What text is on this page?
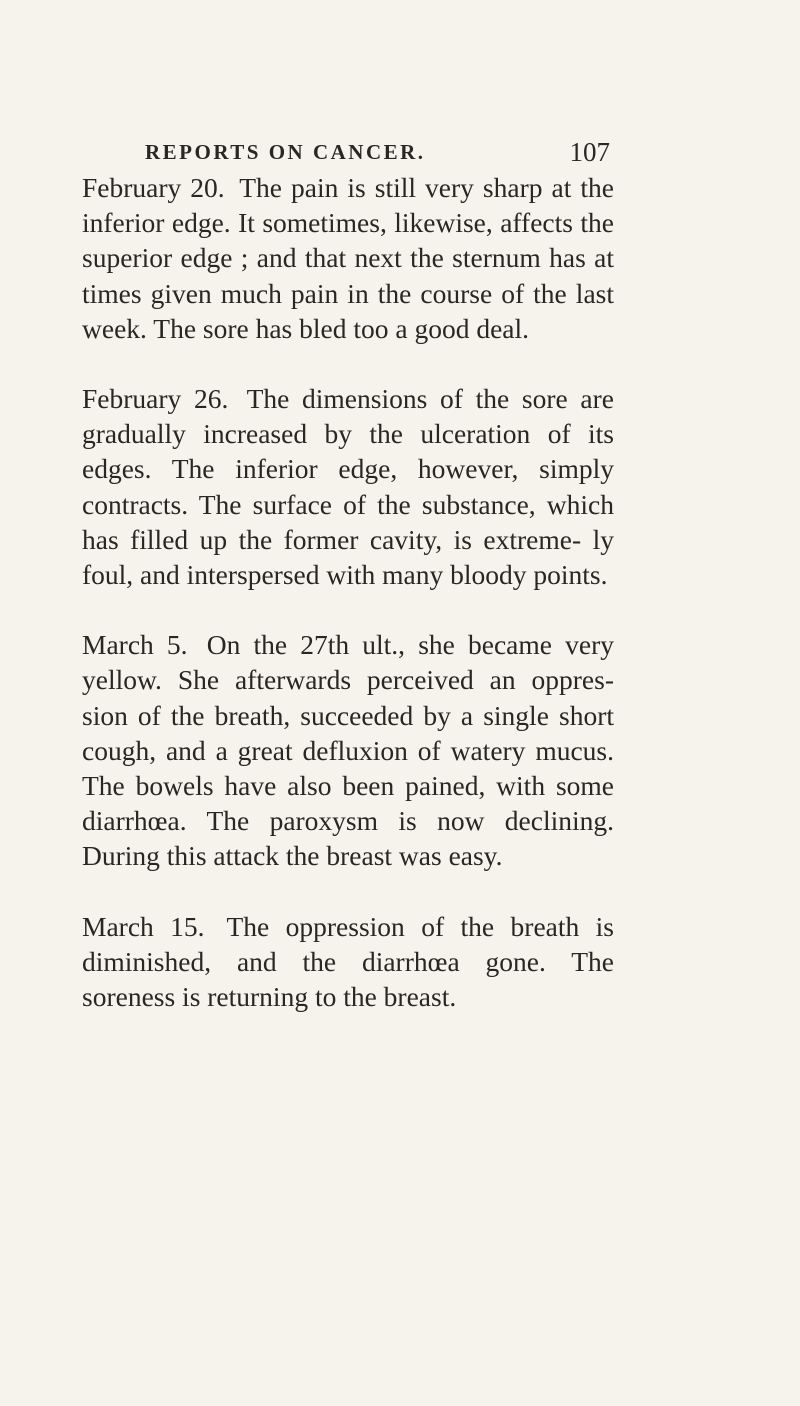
REPORTS ON CANCER.	107

February 20. The pain is still very sharp at the inferior edge. It sometimes, likewise, affects the superior edge ; and that next the sternum has at times given much pain in the course of the last week. The sore has bled too a good deal.

February 26. The dimensions of the sore are gradually increased by the ulceration of its edges. The inferior edge, however, simply contracts. The surface of the substance, which has filled up the former cavity, is extreme- ly foul, and interspersed with many bloody points.

March 5. On the 27th ult., she became very yellow. She afterwards perceived an oppres- sion of the breath, succeeded by a single short cough, and a great defluxion of watery mucus. The bowels have also been pained, with some diarrhœa. The paroxysm is now declining. During this attack the breast was easy.

March 15. The oppression of the breath is diminished, and the diarrhœa gone. The soreness is returning to the breast.
